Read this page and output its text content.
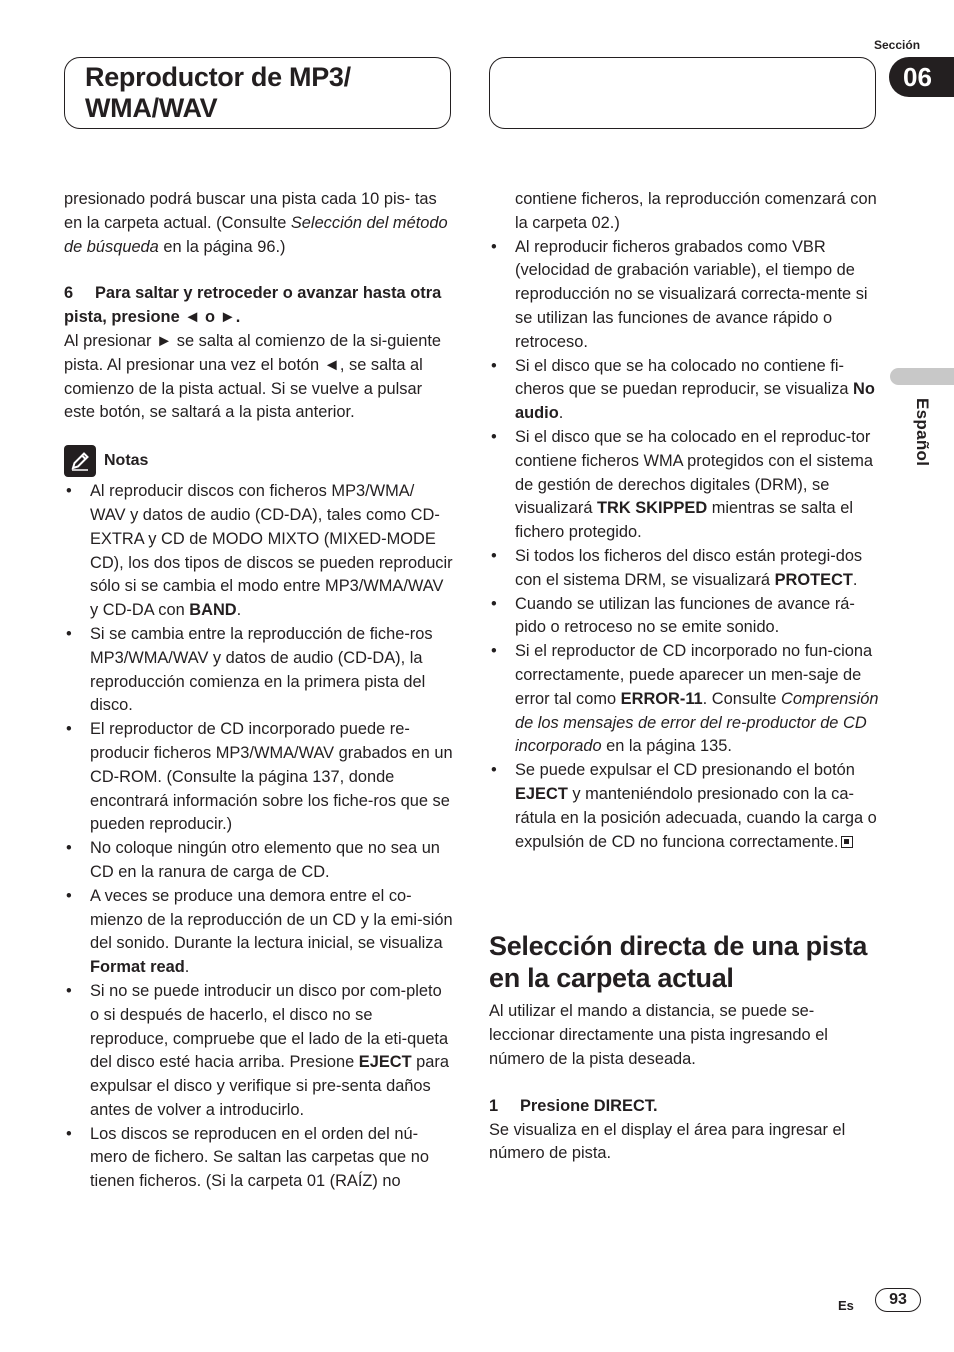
Reproductor de MP3/
WMA/WAV
Sección
06
Español

presionado podrá buscar una pista cada 10 pis- tas en la carpeta actual. (Consulte Selección del método de búsqueda en la página 96.)

6 Para saltar y retroceder o avanzar hasta otra pista, presione ◄ o ►.

Al presionar ► se salta al comienzo de la si-guiente pista. Al presionar una vez el botón ◄, se salta al comienzo de la pista actual. Si se vuelve a pulsar este botón, se saltará a la pista anterior.

Notas
• Al reproducir discos con ficheros MP3/WMA/ WAV y datos de audio (CD-DA), tales como CD-EXTRA y CD de MODO MIXTO (MIXED-MODE CD), los dos tipos de discos se pueden reproducir sólo si se cambia el modo entre MP3/WMA/WAV y CD-DA con BAND.
• Si se cambia entre la reproducción de fiche-ros MP3/WMA/WAV y datos de audio (CD-DA), la reproducción comienza en la primera pista del disco.
• El reproductor de CD incorporado puede re-producir ficheros MP3/WMA/WAV grabados en un CD-ROM. (Consulte la página 137, donde encontrará información sobre los fiche-ros que se pueden reproducir.)
• No coloque ningún otro elemento que no sea un CD en la ranura de carga de CD.
• A veces se produce una demora entre el co-mienzo de la reproducción de un CD y la emi-sión del sonido. Durante la lectura inicial, se visualiza Format read.
• Si no se puede introducir un disco por com-pleto o si después de hacerlo, el disco no se reproduce, compruebe que el lado de la eti-queta del disco esté hacia arriba. Presione EJECT para expulsar el disco y verifique si pre-senta daños antes de volver a introducirlo.
• Los discos se reproducen en el orden del nú-mero de fichero. Se saltan las carpetas que no tienen ficheros. (Si la carpeta 01 (RAÍZ) no

contiene ficheros, la reproducción comenzará con la carpeta 02.)

• Al reproducir ficheros grabados como VBR (velocidad de grabación variable), el tiempo de reproducción no se visualizará correcta-mente si se utilizan las funciones de avance rápido o retroceso.
• Si el disco que se ha colocado no contiene fi-cheros que se puedan reproducir, se visualiza No audio.
• Si el disco que se ha colocado en el reproduc-tor contiene ficheros WMA protegidos con el sistema de gestión de derechos digitales (DRM), se visualizará TRK SKIPPED mientras se salta el fichero protegido.
• Si todos los ficheros del disco están protegi-dos con el sistema DRM, se visualizará PROTECT.
• Cuando se utilizan las funciones de avance rá-pido o retroceso no se emite sonido.
• Si el reproductor de CD incorporado no fun-ciona correctamente, puede aparecer un men-saje de error tal como ERROR-11. Consulte Comprensión de los mensajes de error del re-productor de CD incorporado en la página 135.
• Se puede expulsar el CD presionando el botón EJECT y manteniéndolo presionado con la ca-rátula en la posición adecuada, cuando la carga o expulsión de CD no funciona correctamente.
Selección directa de una pista en la carpeta actual

Al utilizar el mando a distancia, se puede se-leccionar directamente una pista ingresando el número de la pista deseada.

1 Presione DIRECT.

Se visualiza en el display el área para ingresar el número de pista.

Es	93
